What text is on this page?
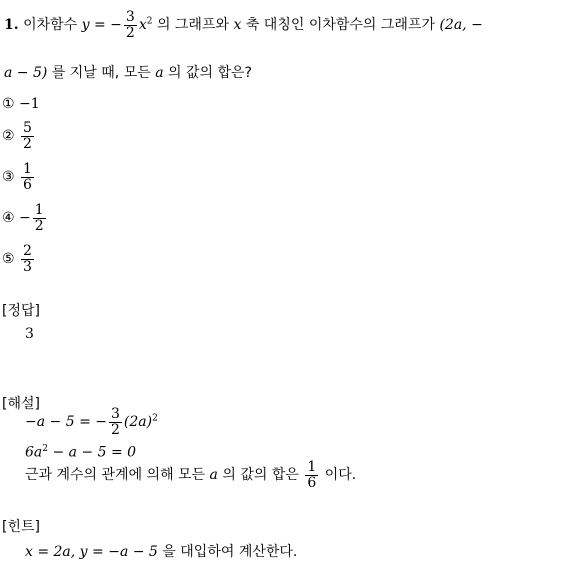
1. 이차함수 y = − $\frac{3}{2} x^2$ 의 그래프와 x 축 대칭인 이차함수의 그래프가 (2a, −
a − 5) 를 지날 때, 모든 a 의 값의 합은?
① −1
② $\frac{5}{2}$
③ $\frac{1}{6}$
④ − $\frac{1}{2}$
⑤ $\frac{2}{3}$
[정답]
3
[해설]
−a − 5 = − $\frac{3}{2} (2a)^2$
$6a^2 - a - 5 = 0$
근과 계수의 관계에 의해 모든 a 의 값의 합은 $\frac{1}{6}$ 이다.
[힌트]
x = 2a, y = −a − 5 을 대입하여 계산한다.
